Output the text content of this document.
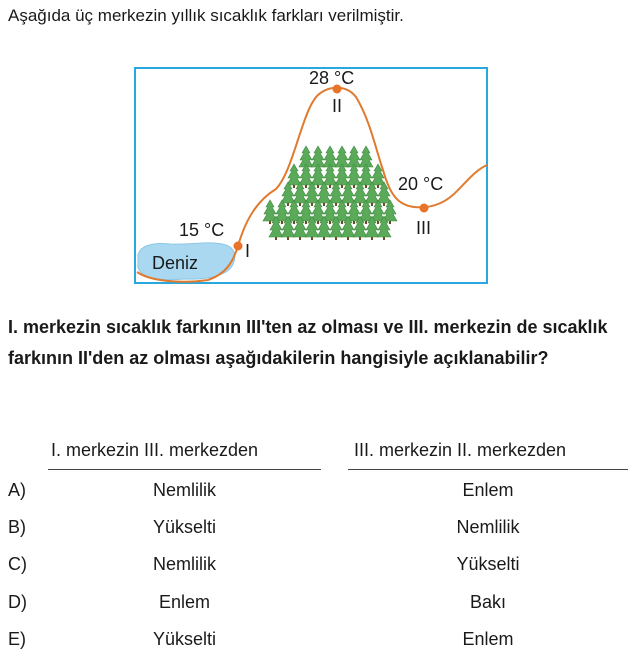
Aşağıda üç merkezin yıllık sıcaklık farkları verilmiştir.
15 °C
I
28 °C
II
20 °C
III
Deniz
I. merkezin sıcaklık farkının III'ten az olması ve III. merkezin de sıcaklık farkının II'den az olması aşağıdakilerin hangisiyle açıklanabilir?
I. merkezin III. merkezden	III. merkezin II. merkezden
A)	Nemlilik	Enlem
B)	Yükselti	Nemlilik
C)	Nemlilik	Yükselti
D)	Enlem	Bakı
E)	Yükselti	Enlem
